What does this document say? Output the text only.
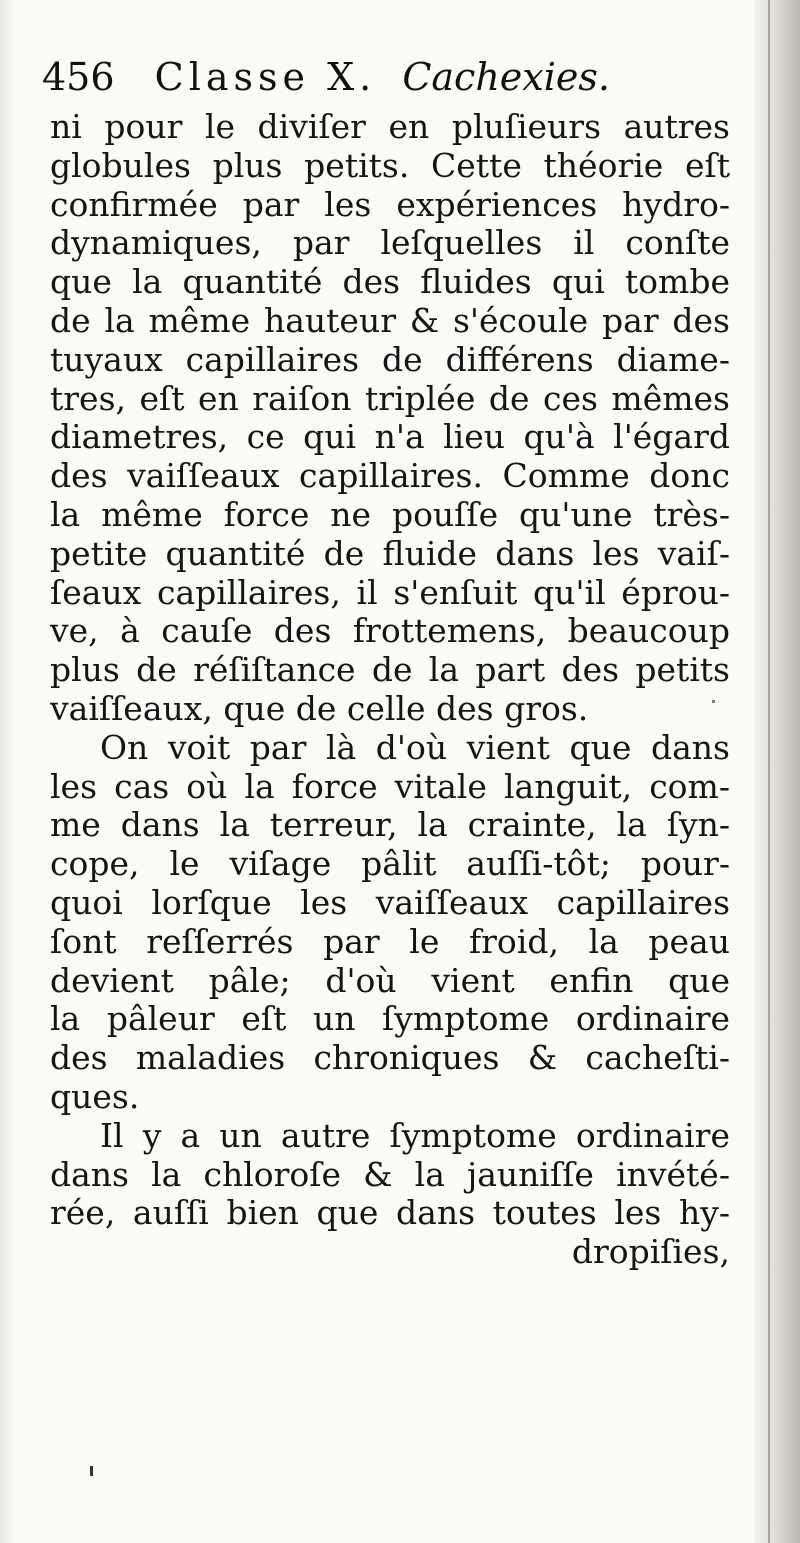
456 Classe X. Cachexies.
ni pour le diviſer en pluſieurs autres
globules plus petits. Cette théorie eſt
confirmée par les expériences hydro-
dynamiques, par leſquelles il conſte
que la quantité des fluides qui tombe
de la même hauteur & s'écoule par des
tuyaux capillaires de différens diame-
tres, eſt en raiſon triplée de ces mêmes
diametres, ce qui n'a lieu qu'à l'égard
des vaiſſeaux capillaires. Comme donc
la même force ne pouſſe qu'une très-
petite quantité de fluide dans les vaiſ-
ſeaux capillaires, il s'enſuit qu'il éprou-
ve, à cauſe des frottemens, beaucoup
plus de réſiſtance de la part des petits
vaiſſeaux, que de celle des gros.
On voit par là d'où vient que dans
les cas où la force vitale languit, com-
me dans la terreur, la crainte, la ſyn-
cope, le viſage pâlit auſſi-tôt; pour-
quoi lorſque les vaiſſeaux capillaires
ſont reſſerrés par le froid, la peau
devient pâle; d'où vient enfin que
la pâleur eſt un ſymptome ordinaire
des maladies chroniques & cacheſti-
ques.
Il y a un autre ſymptome ordinaire
dans la chloroſe & la jauniſſe invété-
rée, auſſi bien que dans toutes les hy-
dropiſies,
